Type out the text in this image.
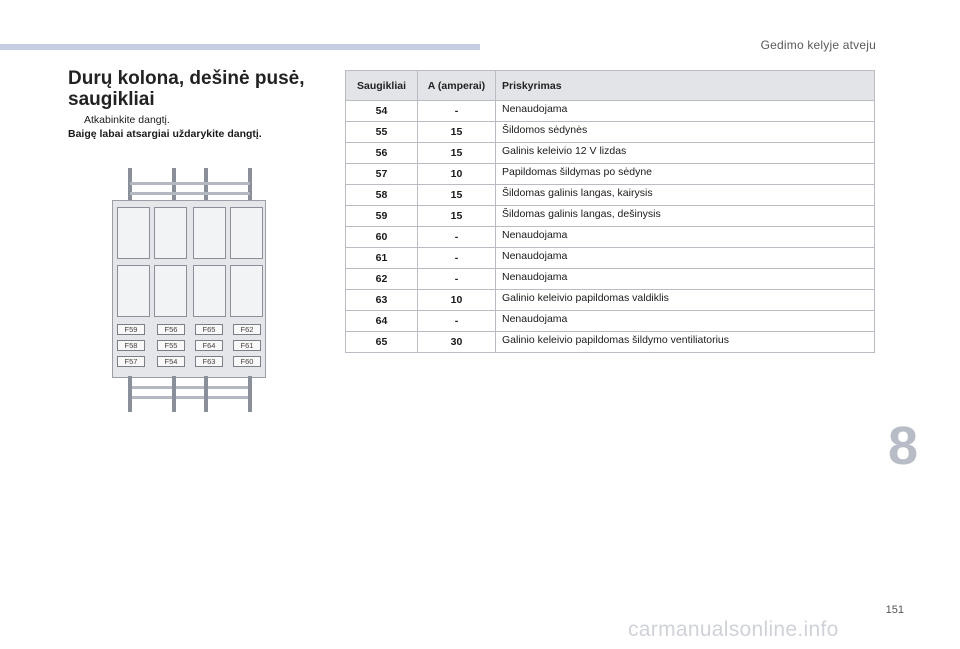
Gedimo kelyje atveju
Durų kolona, dešinė pusė, saugikliai
Atkabinkite dangtį.
Baigę labai atsargiai uždarykite dangtį.
F59	F56	F65	F62
F58	F55	F64	F61
F57	F54	F63	F60
Saugikliai	A (amperai)	Priskyrimas
54	-	Nenaudojama
55	15	Šildomos sėdynės
56	15	Galinis keleivio 12 V lizdas
57	10	Papildomas šildymas po sėdyne
58	15	Šildomas galinis langas, kairysis
59	15	Šildomas galinis langas, dešinysis
60	-	Nenaudojama
61	-	Nenaudojama
62	-	Nenaudojama
63	10	Galinio keleivio papildomas valdiklis
64	-	Nenaudojama
65	30	Galinio keleivio papildomas šildymo ventiliatorius
8
151
carmanualsonline.info
